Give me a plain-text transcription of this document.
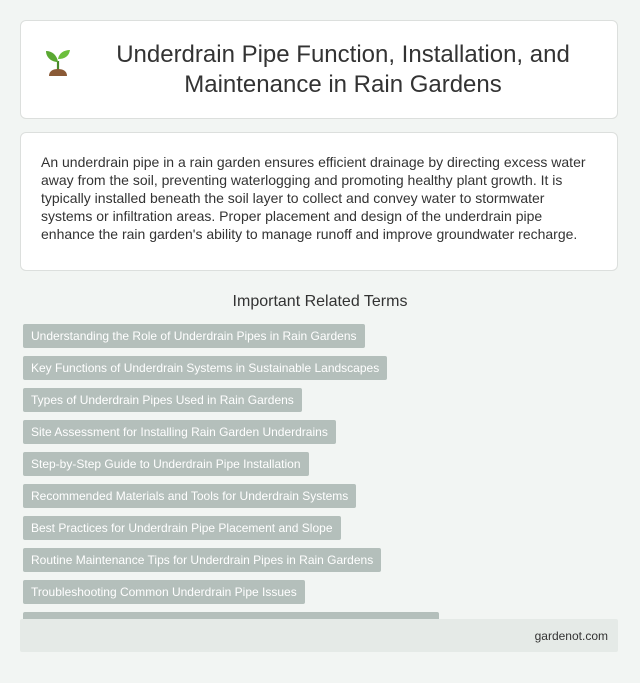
Underdrain Pipe Function, Installation, and Maintenance in Rain Gardens

An underdrain pipe in a rain garden ensures efficient drainage by directing excess water away from the soil, preventing waterlogging and promoting healthy plant growth. It is typically installed beneath the soil layer to collect and convey water to stormwater systems or infiltration areas. Proper placement and design of the underdrain pipe enhance the rain garden's ability to manage runoff and improve groundwater recharge.

Important Related Terms
Understanding the Role of Underdrain Pipes in Rain Gardens
Key Functions of Underdrain Systems in Sustainable Landscapes
Types of Underdrain Pipes Used in Rain Gardens
Site Assessment for Installing Rain Garden Underdrains
Step-by-Step Guide to Underdrain Pipe Installation
Recommended Materials and Tools for Underdrain Systems
Best Practices for Underdrain Pipe Placement and Slope
Routine Maintenance Tips for Underdrain Pipes in Rain Gardens
Troubleshooting Common Underdrain Pipe Issues
gardenot.com
